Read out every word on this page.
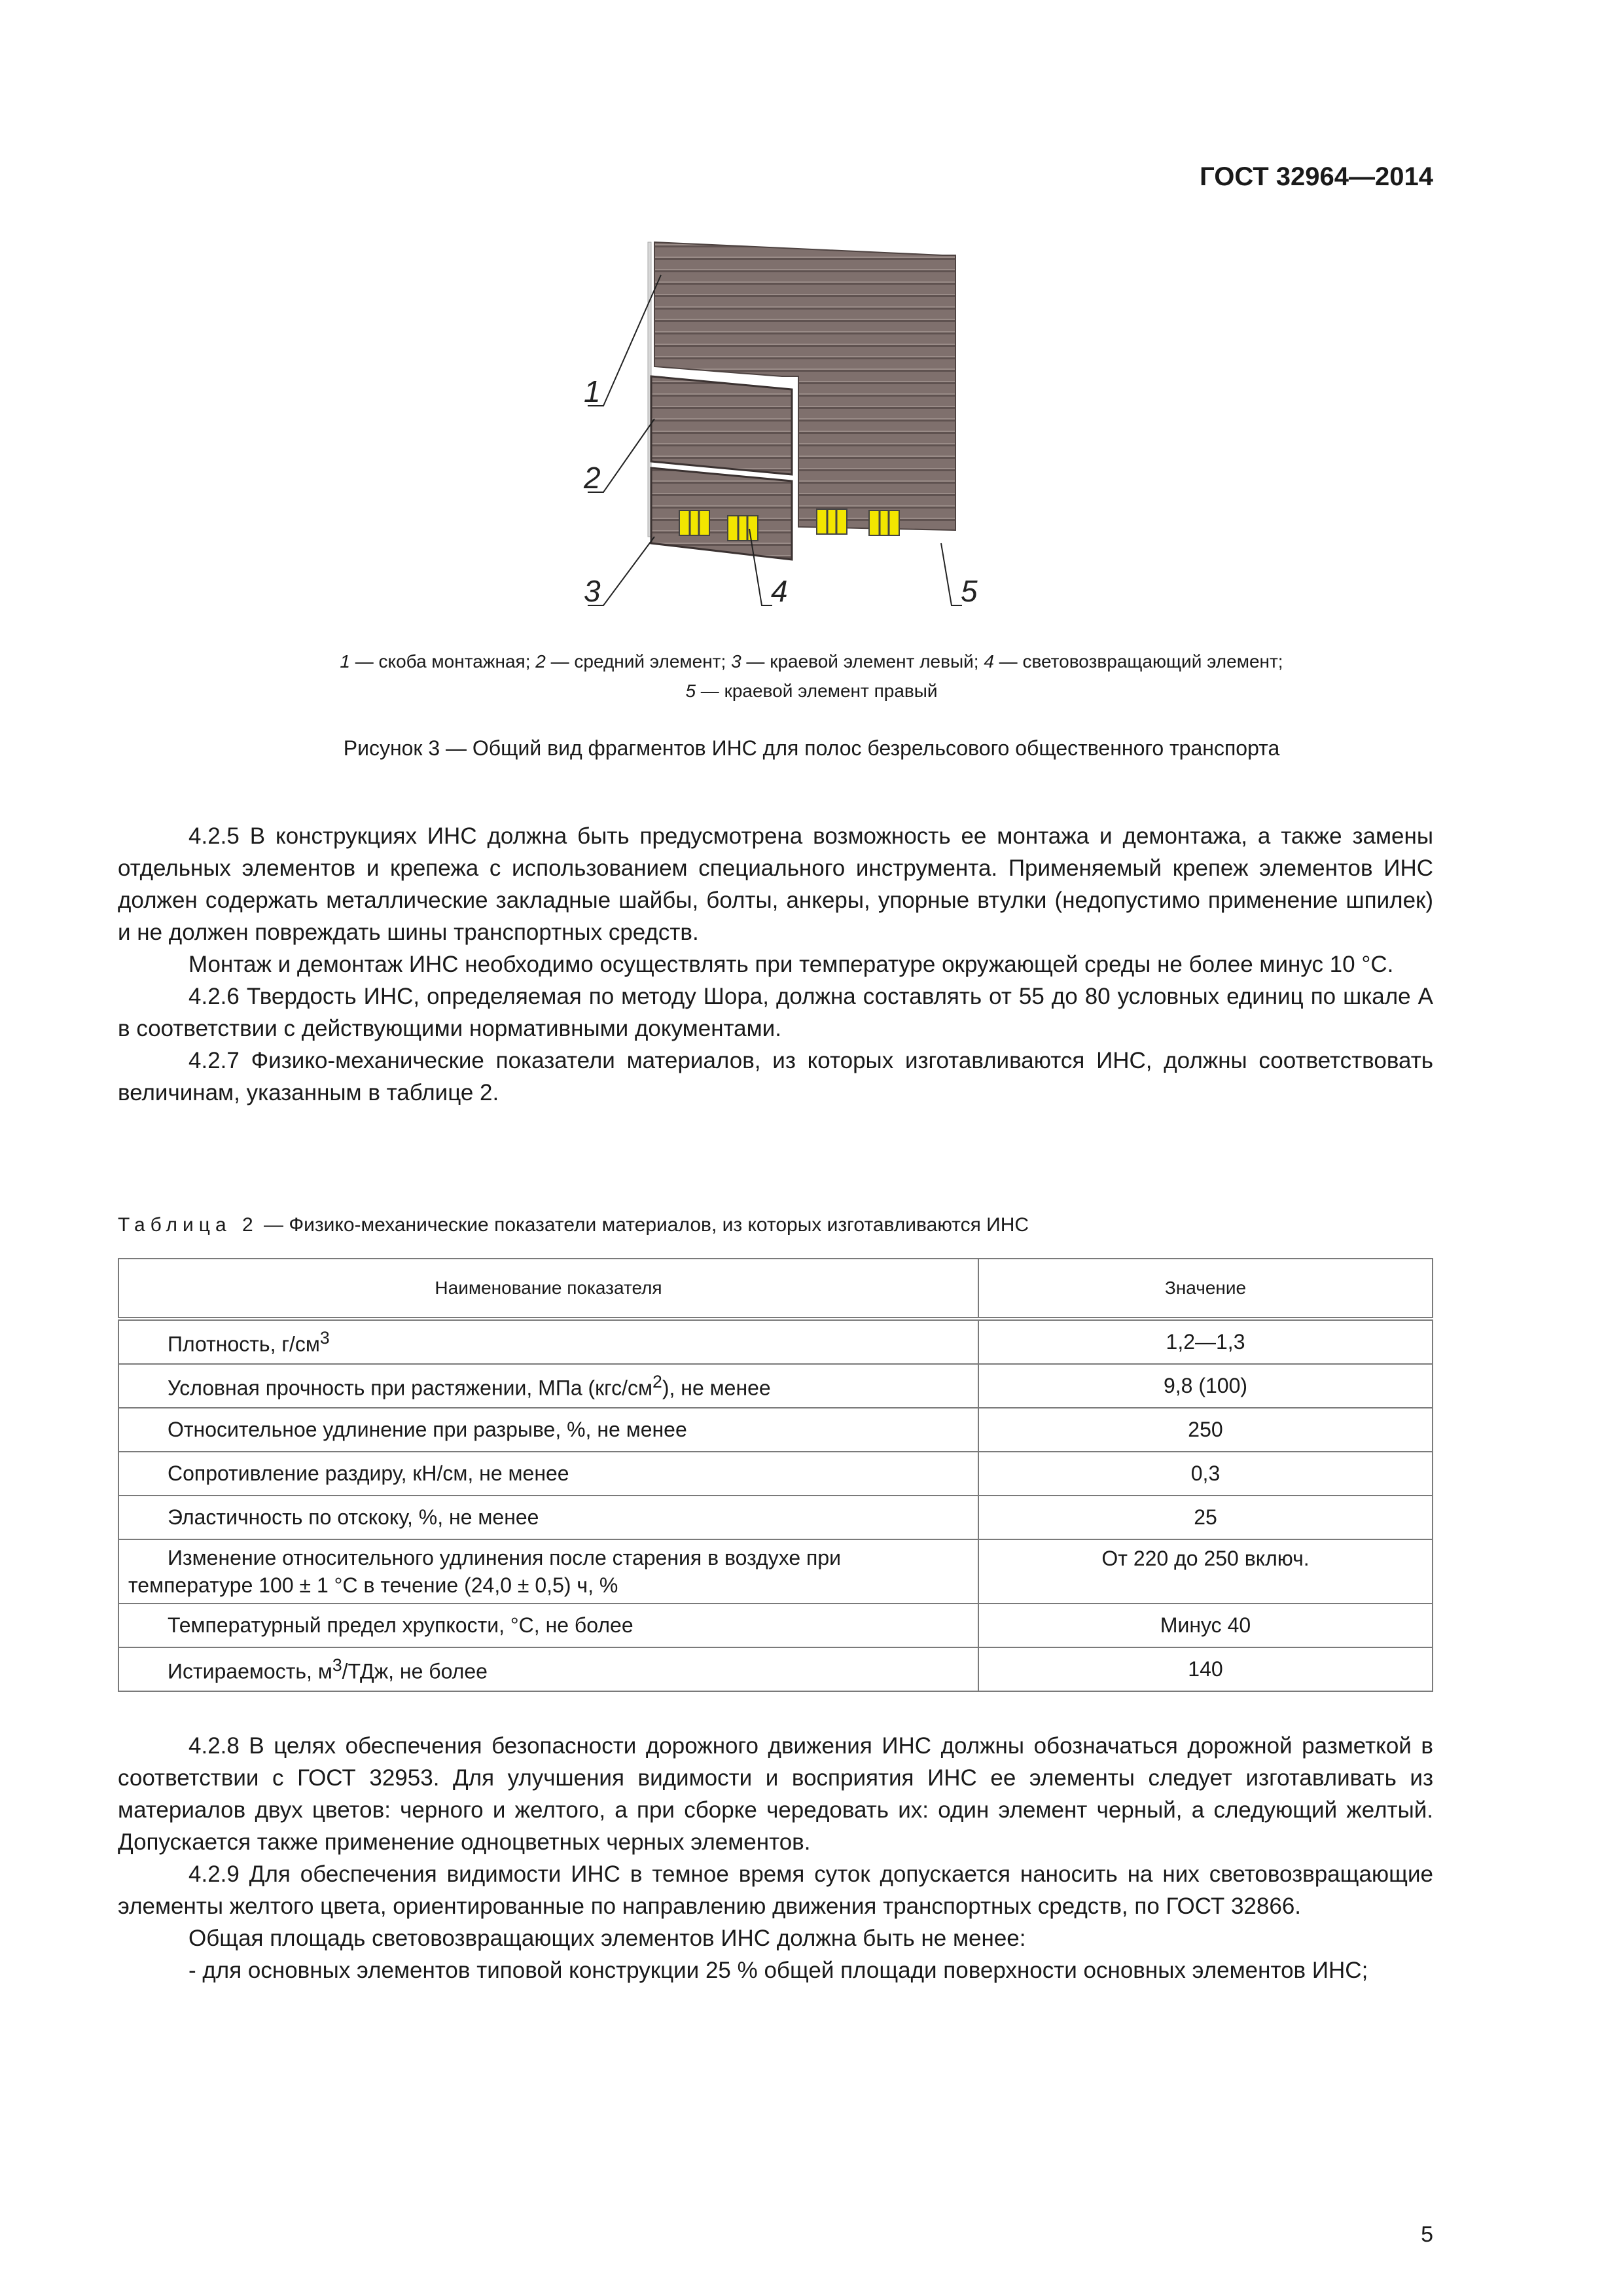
ГОСТ 32964—2014
1
2
3	4	5
1 — скоба монтажная; 2 — средний элемент; 3 — краевой элемент левый; 4 — световозвращающий элемент;
5 — краевой элемент правый
Рисунок 3 — Общий вид фрагментов ИНС для полос безрельсового общественного транспорта

4.2.5 В конструкциях ИНС должна быть предусмотрена возможность ее монтажа и демонтажа, а также замены отдельных элементов и крепежа с использованием специального инструмента. Применяемый крепеж элементов ИНС должен содержать металлические закладные шайбы, болты, анкеры, упорные втулки (недопустимо применение шпилек) и не должен повреждать шины транспортных средств.

Монтаж и демонтаж ИНС необходимо осуществлять при температуре окружающей среды не более минус 10 °С.

4.2.6 Твердость ИНС, определяемая по методу Шора, должна составлять от 55 до 80 условных единиц по шкале А в соответствии с действующими нормативными документами.

4.2.7 Физико-механические показатели материалов, из которых изготавливаются ИНС, должны соответствовать величинам, указанным в таблице 2.

Таблица 2 — Физико-механические показатели материалов, из которых изготавливаются ИНС
Наименование показателя	Значение
Плотность, $г/см^3$	1,2—1,3
Условная прочность при растяжении, МПа $(кгс/см^2)$, не менее	9,8 (100)
Относительное удлинение при разрыве, %, не менее	250
Сопротивление раздиру, кН/см, не менее	0,3
Эластичность по отскоку, %, не менее	25

Изменение относительного удлинения после старения в воздухе при
температуре 100 ± 1 °С в течение (24,0 ± 0,5) ч, %	От 220 до 250 включ.
Температурный предел хрупкости, °С, не более	Минус 40
Истираемость, $м^3$/ТДж, не более	140

4.2.8 В целях обеспечения безопасности дорожного движения ИНС должны обозначаться дорожной разметкой в соответствии с ГОСТ 32953. Для улучшения видимости и восприятия ИНС ее элементы следует изготавливать из материалов двух цветов: черного и желтого, а при сборке чередовать их: один элемент черный, а следующий желтый. Допускается также применение одноцветных черных элементов.

4.2.9 Для обеспечения видимости ИНС в темное время суток допускается наносить на них световозвращающие элементы желтого цвета, ориентированные по направлению движения транспортных средств, по ГОСТ 32866.

Общая площадь световозвращающих элементов ИНС должна быть не менее:

- для основных элементов типовой конструкции 25 % общей площади поверхности основных элементов ИНС;

5
